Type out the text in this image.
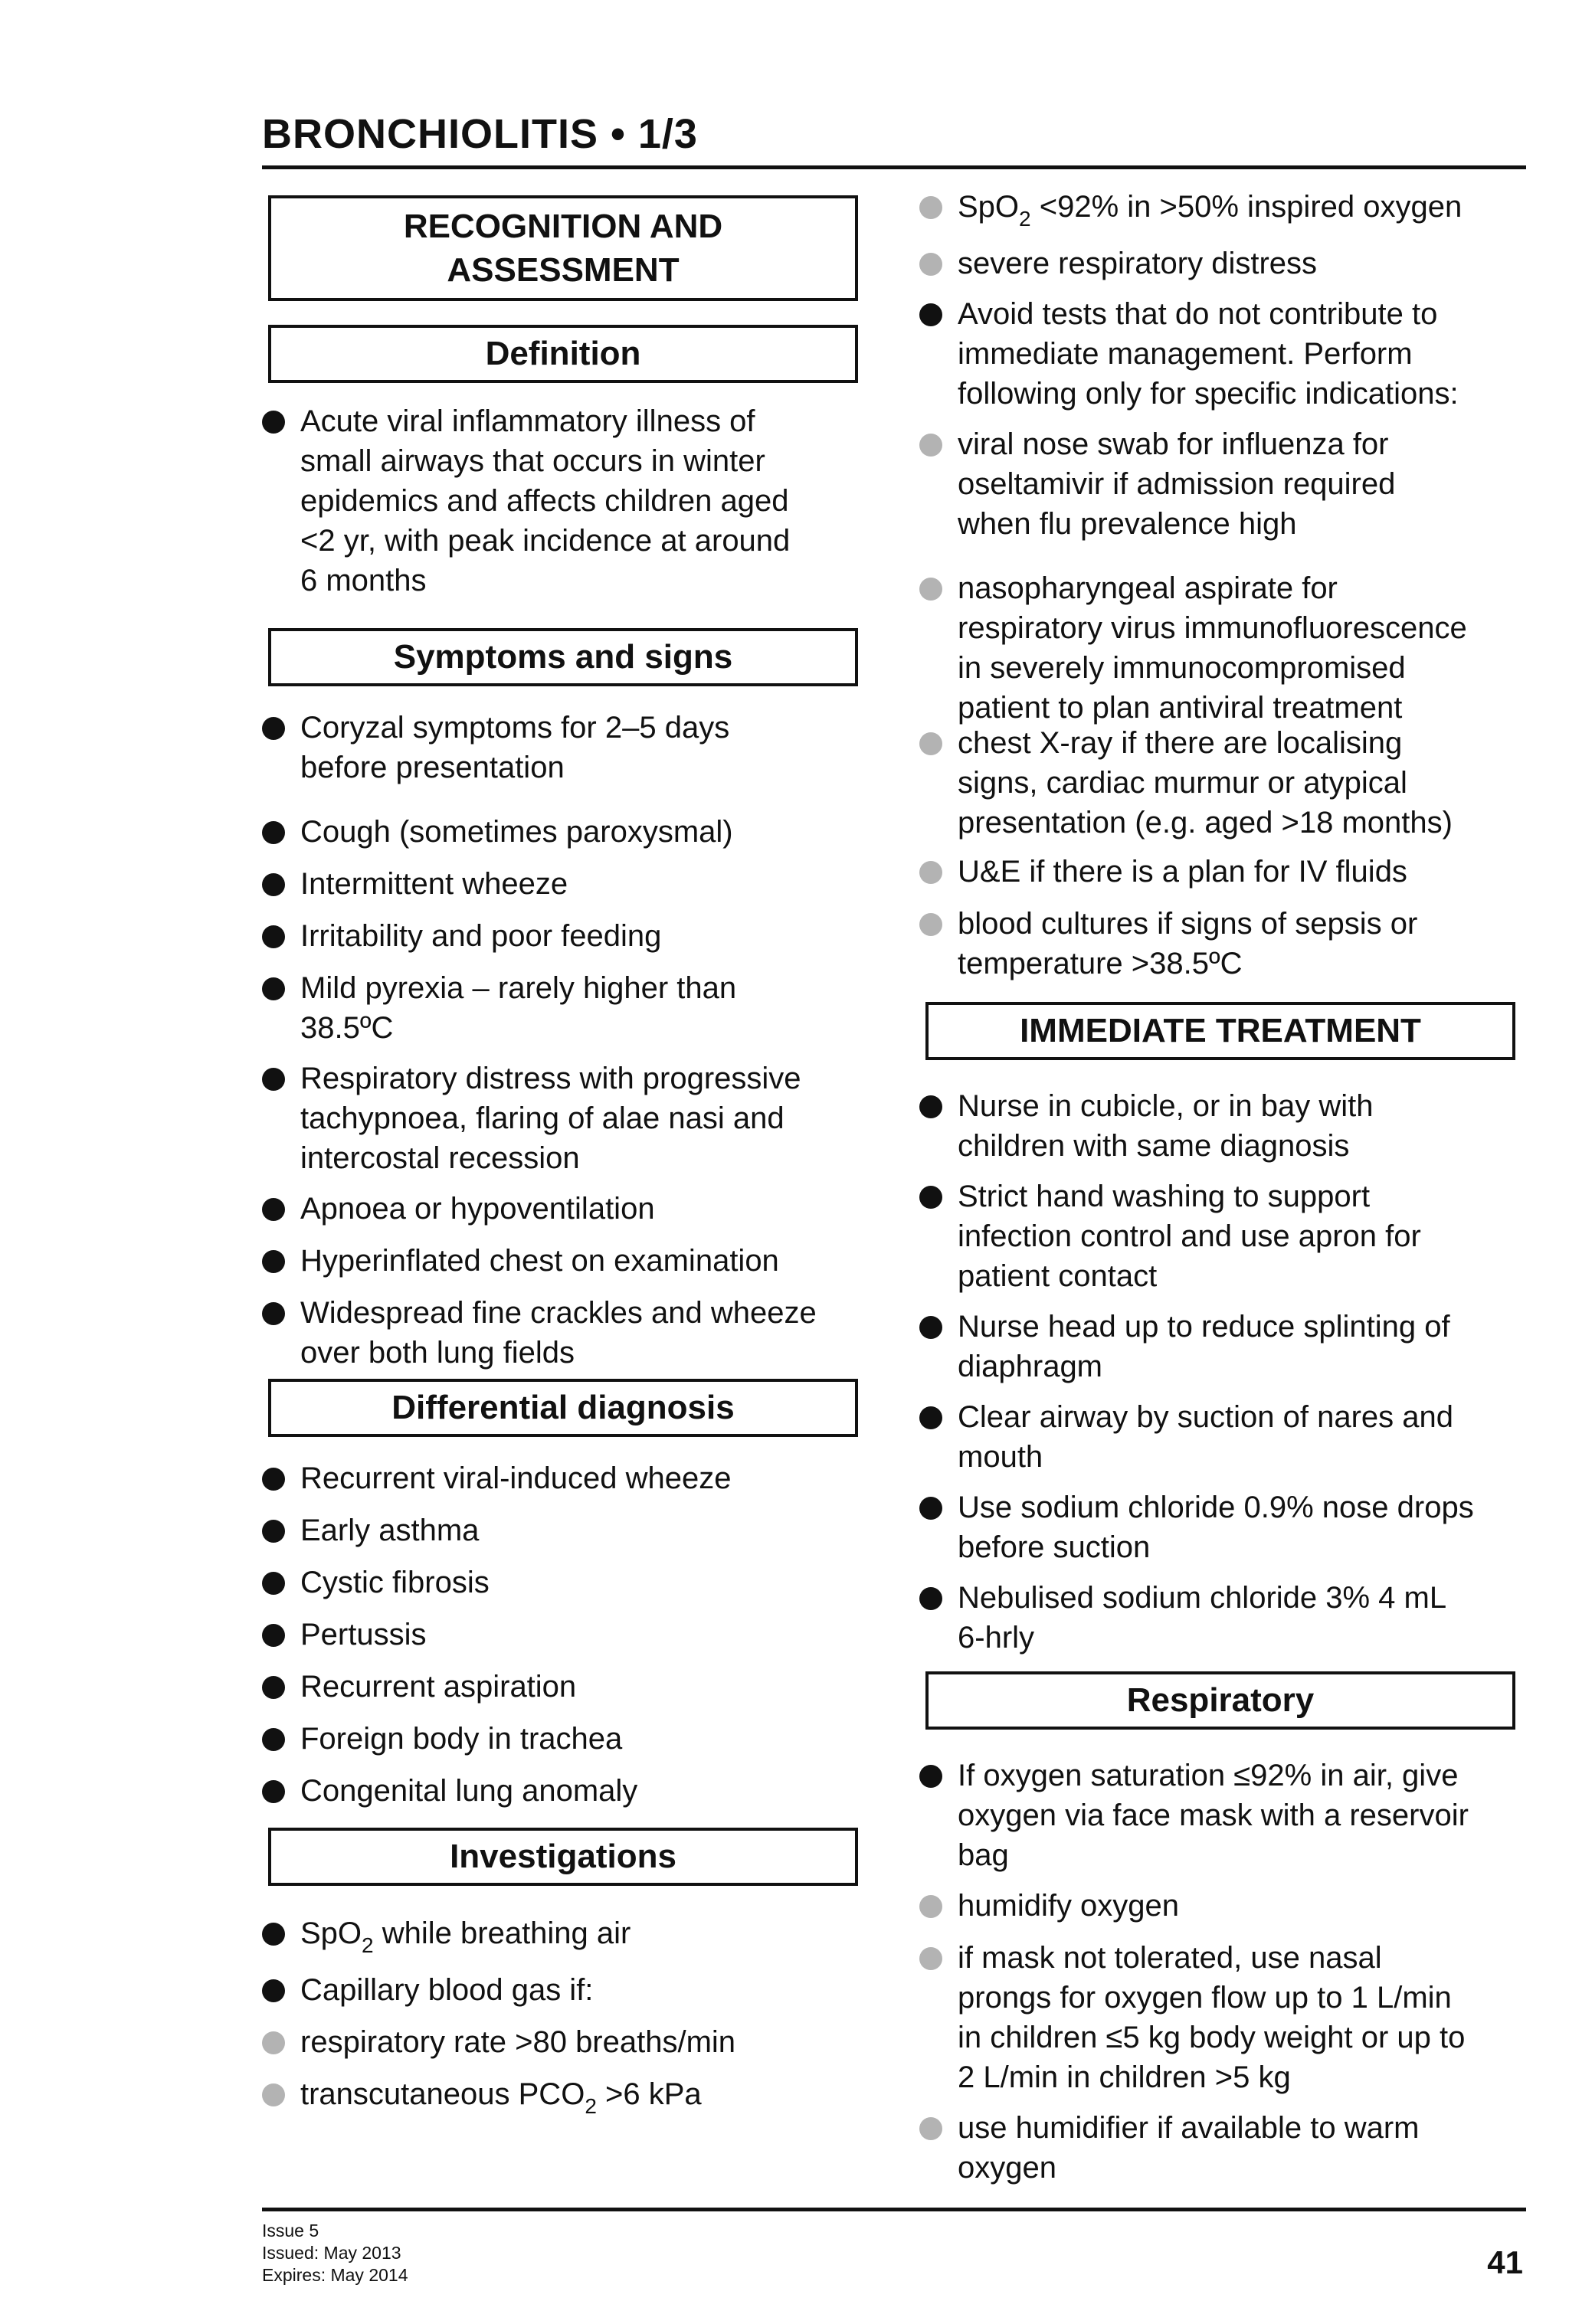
BRONCHIOLITIS • 1/3
RECOGNITION AND
ASSESSMENT
Definition
Symptoms and signs
Differential diagnosis
Investigations
SpO$_2$ while breathing air
Capillary blood gas if:
respiratory rate >80 breaths/min
transcutaneous $PCO_2 >6$ kPa
SpO$_2$ <92% in >50% inspired oxygen
IMMEDIATE TREATMENT
Respiratory
Acute viral inflammatory illness of
small airways that occurs in winter
epidemics and affects children aged
<2 yr, with peak incidence at around
6 months
Coryzal symptoms for 2–5 days
before presentation
Cough (sometimes paroxysmal)
Intermittent wheeze
Irritability and poor feeding
Mild pyrexia – rarely higher than
38.5ºC
Respiratory distress with progressive
tachypnoea, flaring of alae nasi and
intercostal recession
Apnoea or hypoventilation
Hyperinflated chest on examination
Widespread fine crackles and wheeze
over both lung fields
Recurrent viral-induced wheeze
Early asthma
Cystic fibrosis
Pertussis
Recurrent aspiration
Foreign body in trachea
Congenital lung anomaly
severe respiratory distress
Avoid tests that do not contribute to
immediate management. Perform
following only for specific indications:
viral nose swab for influenza for
oseltamivir if admission required
when flu prevalence high
nasopharyngeal aspirate for
respiratory virus immunofluorescence
in severely immunocompromised
patient to plan antiviral treatment
chest X-ray if there are localising
signs, cardiac murmur or atypical
presentation (e.g. aged >18 months)
U&E if there is a plan for IV fluids
blood cultures if signs of sepsis or
temperature >38.5ºC
Nurse in cubicle, or in bay with
children with same diagnosis
Strict hand washing to support
infection control and use apron for
patient contact
Nurse head up to reduce splinting of
diaphragm
Clear airway by suction of nares and
mouth
Use sodium chloride 0.9% nose drops
before suction
Nebulised sodium chloride 3% 4 mL
6-hrly
If oxygen saturation ≤92% in air, give
oxygen via face mask with a reservoir
bag
humidify oxygen
if mask not tolerated, use nasal
prongs for oxygen flow up to 1 L/min
in children ≤5 kg body weight or up to
2 L/min in children >5 kg
use humidifier if available to warm
oxygen
Issue 5
Issued: May 2013
Expires: May 2014	41
